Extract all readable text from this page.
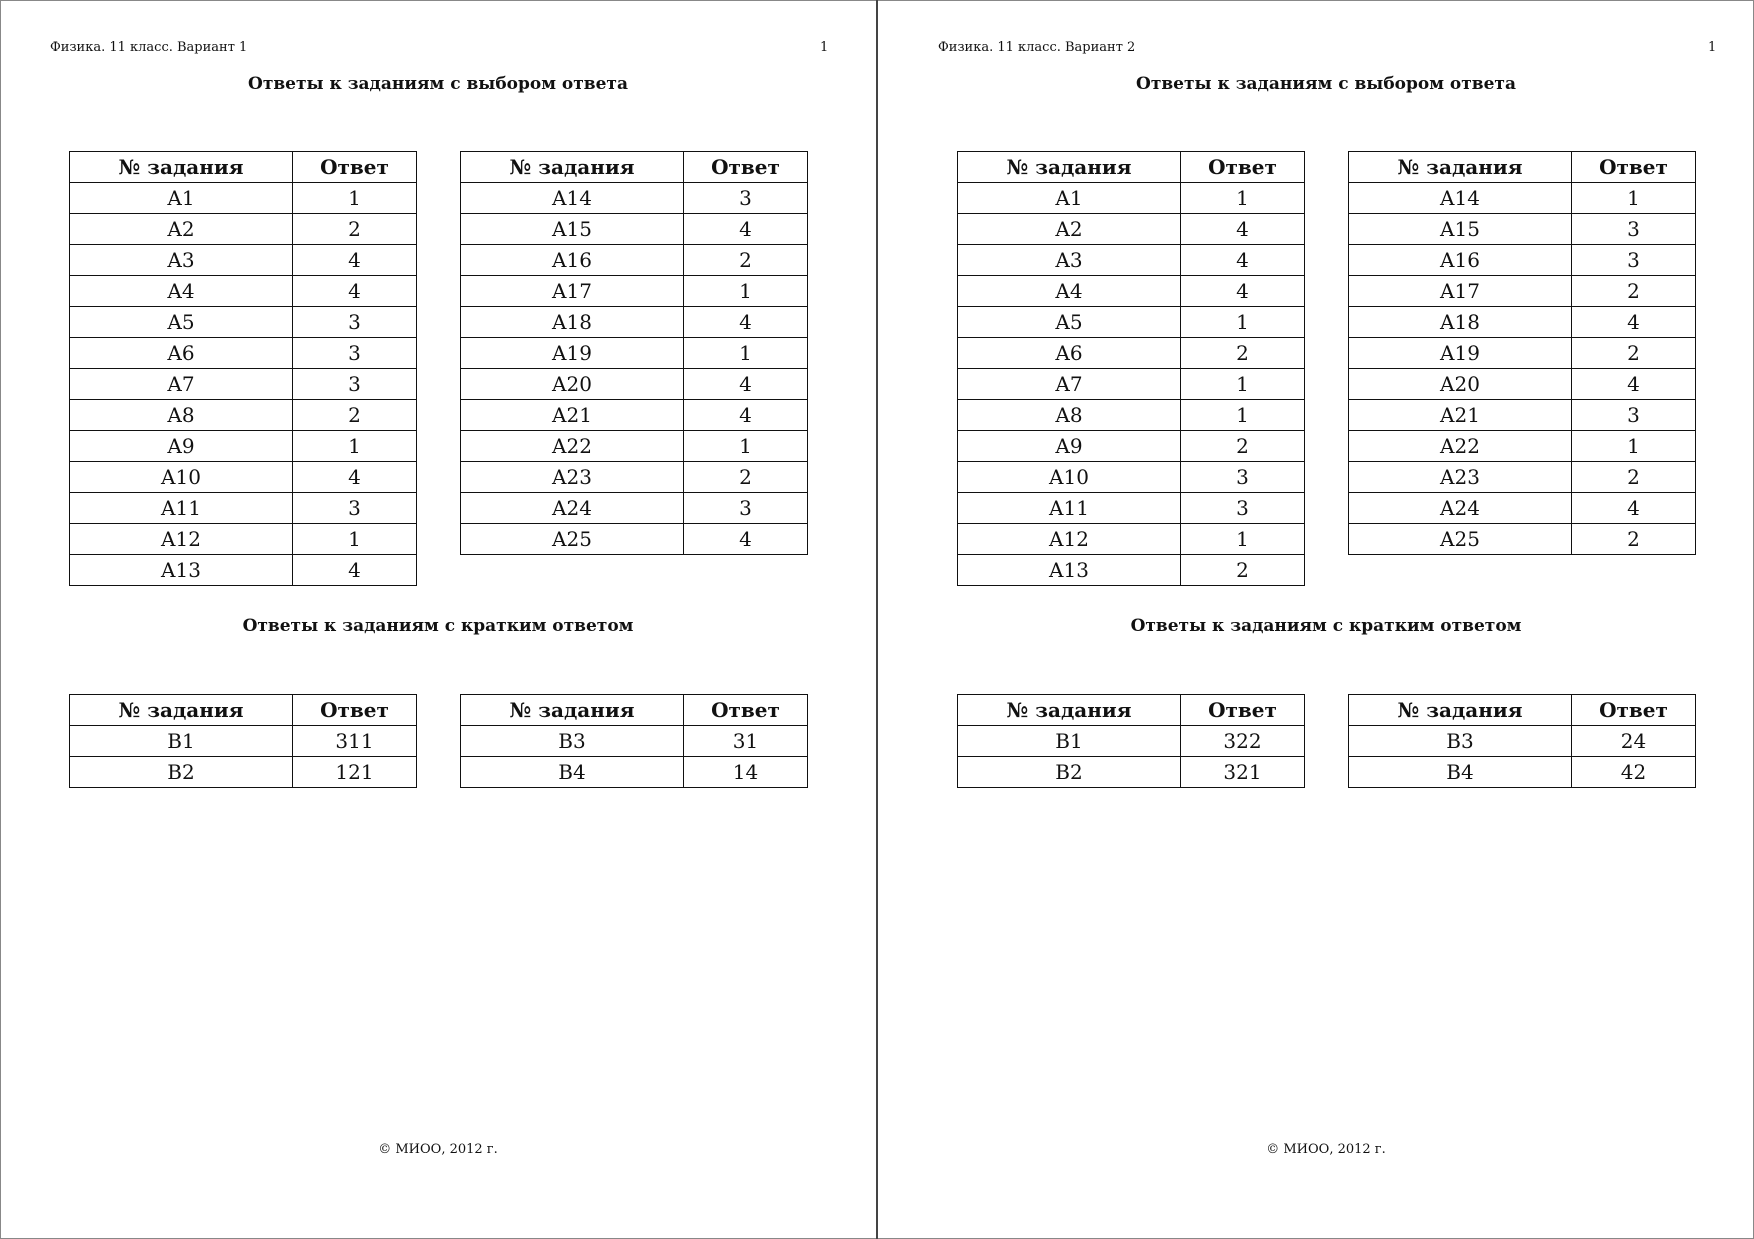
Физика. 11 класс. Вариант 1	1
Ответы к заданиям с выбором ответа
№ задания	Ответ
A1	1
A2	2
A3	4
A4	4
A5	3
A6	3
A7	3
A8	2
A9	1
A10	4
A11	3
A12	1
A13	4
№ задания	Ответ
A14	3
A15	4
A16	2
A17	1
A18	4
A19	1
A20	4
A21	4
A22	1
A23	2
A24	3
A25	4
Ответы к заданиям с кратким ответом
№ задания	Ответ
B1	311
B2	121
№ задания	Ответ
B3	31
B4	14
© МИОО, 2012 г.
Физика. 11 класс. Вариант 2	1
Ответы к заданиям с выбором ответа
№ задания	Ответ
A1	1
A2	4
A3	4
A4	4
A5	1
A6	2
A7	1
A8	1
A9	2
A10	3
A11	3
A12	1
A13	2
№ задания	Ответ
A14	1
A15	3
A16	3
A17	2
A18	4
A19	2
A20	4
A21	3
A22	1
A23	2
A24	4
A25	2
Ответы к заданиям с кратким ответом
№ задания	Ответ
B1	322
B2	321
№ задания	Ответ
B3	24
B4	42
© МИОО, 2012 г.
